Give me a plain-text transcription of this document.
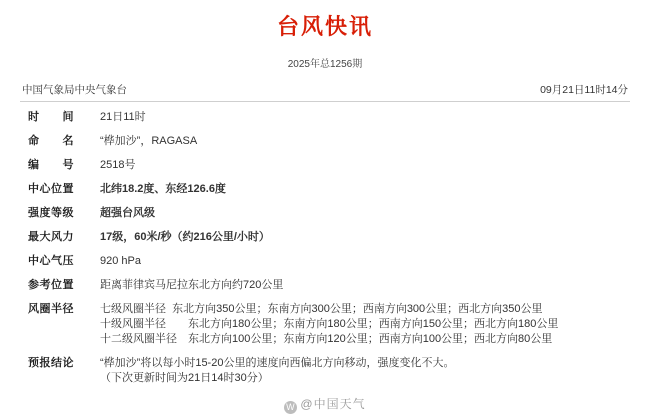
台风快讯
2025年总1256期
中国气象局中央气象台	09月21日11时14分
时　　间	21日11时
命　　名	“桦加沙”，RAGASA
编　　号	2518号
中心位置	北纬18.2度、东经126.6度
强度等级	超强台风级
最大风力	17级，60米/秒（约216公里/小时）
中心气压	920 hPa
参考位置	距离菲律宾马尼拉东北方向约720公里
风圈半径	七级风圈半径  东北方向350公里；东南方向300公里；西南方向300公里；西北方向350公里
十级风圈半径　　东北方向180公里；东南方向180公里；西南方向150公里；西北方向180公里
十二级风圈半径　东北方向100公里；东南方向120公里；西南方向100公里；西北方向80公里
预报结论	“桦加沙”将以每小时15-20公里的速度向西偏北方向移动，强度变化不大。
（下次更新时间为21日14时30分）
W @中国天气
